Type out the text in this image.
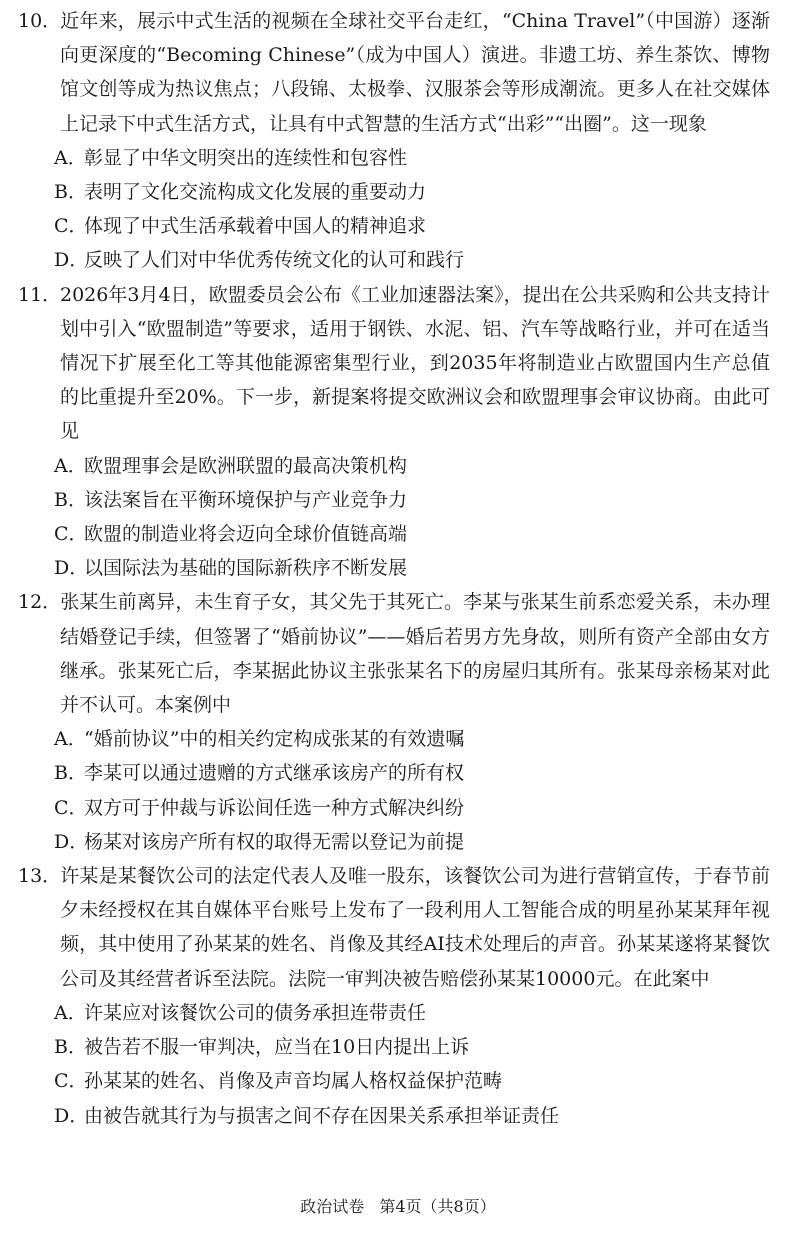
10．近年来，展示中式生活的视频在全球社交平台走红，“China Travel”（中国游）逐渐向更深度的“Becoming Chinese”（成为中国人）演进。非遗工坊、养生茶饮、博物馆文创等成为热议焦点；八段锦、太极拳、汉服茶会等形成潮流。更多人在社交媒体上记录下中式生活方式，让具有中式智慧的生活方式“出彩”“出圈”。这一现象
A．彰显了中华文明突出的连续性和包容性
B．表明了文化交流构成文化发展的重要动力
C．体现了中式生活承载着中国人的精神追求
D．反映了人们对中华优秀传统文化的认可和践行
11．2026年3月4日，欧盟委员会公布《工业加速器法案》，提出在公共采购和公共支持计划中引入“欧盟制造”等要求，适用于钢铁、水泥、铝、汽车等战略行业，并可在适当情况下扩展至化工等其他能源密集型行业，到2035年将制造业占欧盟国内生产总值的比重提升至20%。下一步，新提案将提交欧洲议会和欧盟理事会审议协商。由此可见
A．欧盟理事会是欧洲联盟的最高决策机构
B．该法案旨在平衡环境保护与产业竞争力
C．欧盟的制造业将会迈向全球价值链高端
D．以国际法为基础的国际新秩序不断发展
12．张某生前离异，未生育子女，其父先于其死亡。李某与张某生前系恋爱关系，未办理结婚登记手续，但签署了“婚前协议”——婚后若男方先身故，则所有资产全部由女方继承。张某死亡后，李某据此协议主张张某名下的房屋归其所有。张某母亲杨某对此并不认可。本案例中
A．“婚前协议”中的相关约定构成张某的有效遗嘱
B．李某可以通过遗赠的方式继承该房产的所有权
C．双方可于仲裁与诉讼间任选一种方式解决纠纷
D．杨某对该房产所有权的取得无需以登记为前提
13．许某是某餐饮公司的法定代表人及唯一股东，该餐饮公司为进行营销宣传，于春节前夕未经授权在其自媒体平台账号上发布了一段利用人工智能合成的明星孙某某拜年视频，其中使用了孙某某的姓名、肖像及其经AI技术处理后的声音。孙某某遂将某餐饮公司及其经营者诉至法院。法院一审判决被告赔偿孙某某10000元。在此案中
A．许某应对该餐饮公司的债务承担连带责任
B．被告若不服一审判决，应当在10日内提出上诉
C．孙某某的姓名、肖像及声音均属人格权益保护范畴
D．由被告就其行为与损害之间不存在因果关系承担举证责任
政治试卷 第4页（共8页）
